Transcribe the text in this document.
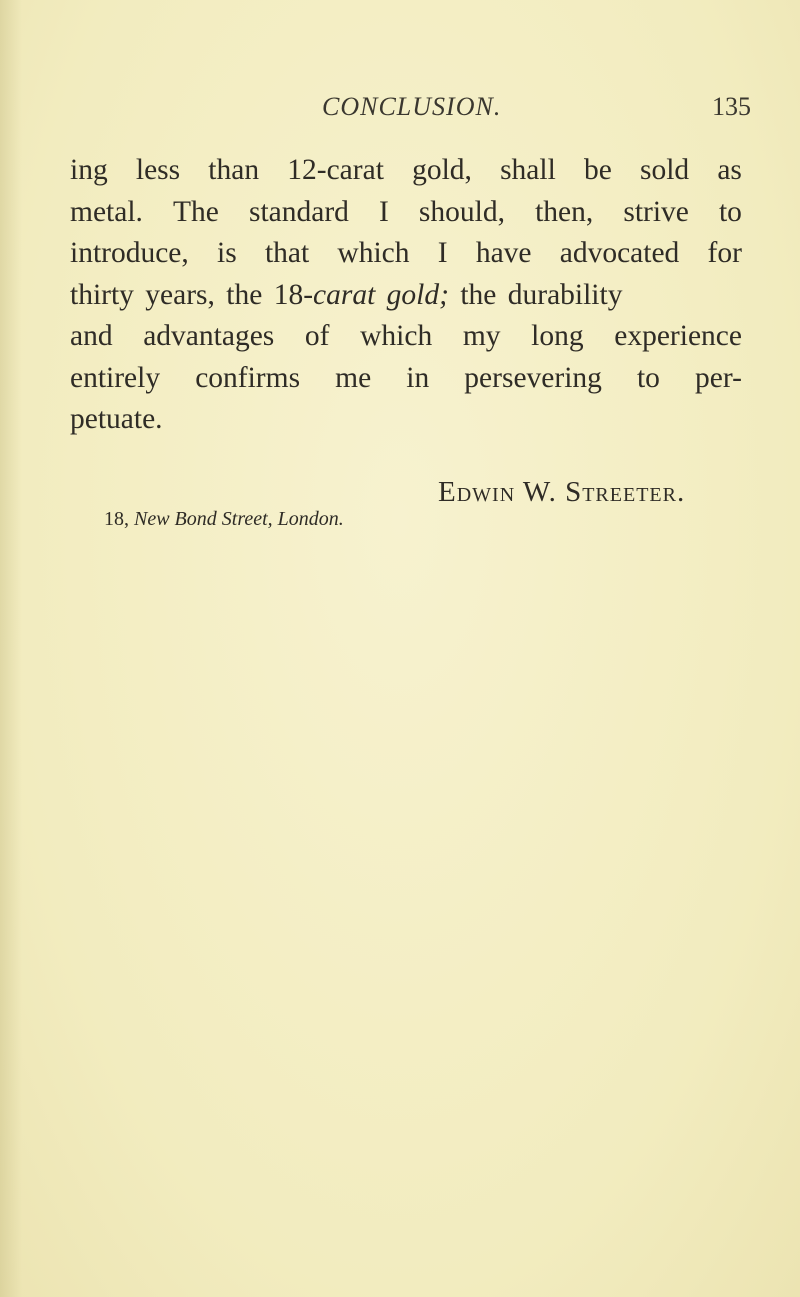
CONCLUSION.	135
ing less than 12-carat gold, shall be sold as
metal. The standard I should, then, strive to
introduce, is that which I have advocated for
thirty years, the 18- carat gold; the durability
and advantages of which my long experience
entirely confirms me in persevering to per-
petuate.
Edwin W. Streeter.
18, New Bond Street, London.
